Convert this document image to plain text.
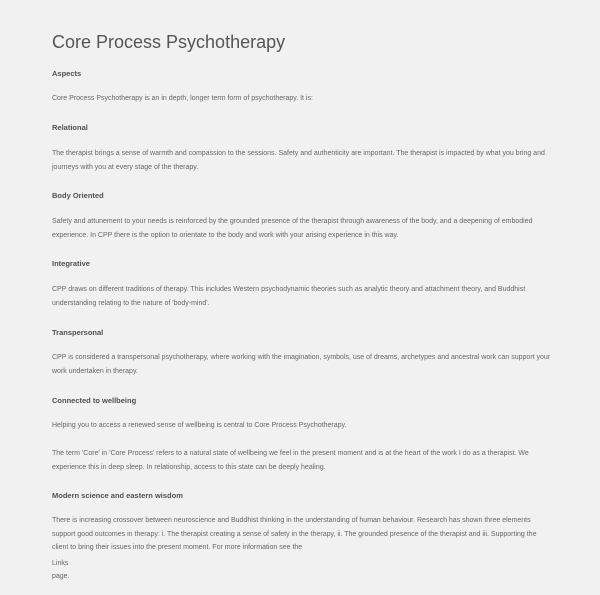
Core Process Psychotherapy
Aspects

Core Process Psychotherapy is an in depth, longer term form of psychotherapy. It is:

Relational

The therapist brings a sense of warmth and compassion to the sessions. Safety and authenticity are important. The therapist is impacted by what you bring and journeys with you at every stage of the therapy.

Body Oriented

Safety and attunement to your needs is reinforced by the grounded presence of the therapist through awareness of the body, and a deepening of embodied experience. In CPP there is the option to orientate to the body and work with your arising experience in this way.

Integrative

CPP draws on different traditions of therapy. This includes Western psychodynamic theories such as analytic theory and attachment theory, and Buddhist understanding relating to the nature of 'body-mind'.

Transpersonal

CPP is considered a transpersonal psychotherapy, where working with the imagination, symbols, use of dreams, archetypes and ancestral work can support your work undertaken in therapy.

Connected to wellbeing

Helping you to access a renewed sense of wellbeing is central to Core Process Psychotherapy.

The term 'Core' in 'Core Process' refers to a natural state of wellbeing we feel in the present moment and is at the heart of the work I do as a therapist. We experience this in deep sleep. In relationship, access to this state can be deeply healing.

Modern science and eastern wisdom

There is increasing crossover between neuroscience and Buddhist thinking in the understanding of human behaviour. Research has shown three elements support good outcomes in therapy: i. The therapist creating a sense of safety in the therapy, ii. The grounded presence of the therapist and iii. Supporting the client to bring their issues into the present moment. For more information see the

Links
page.
